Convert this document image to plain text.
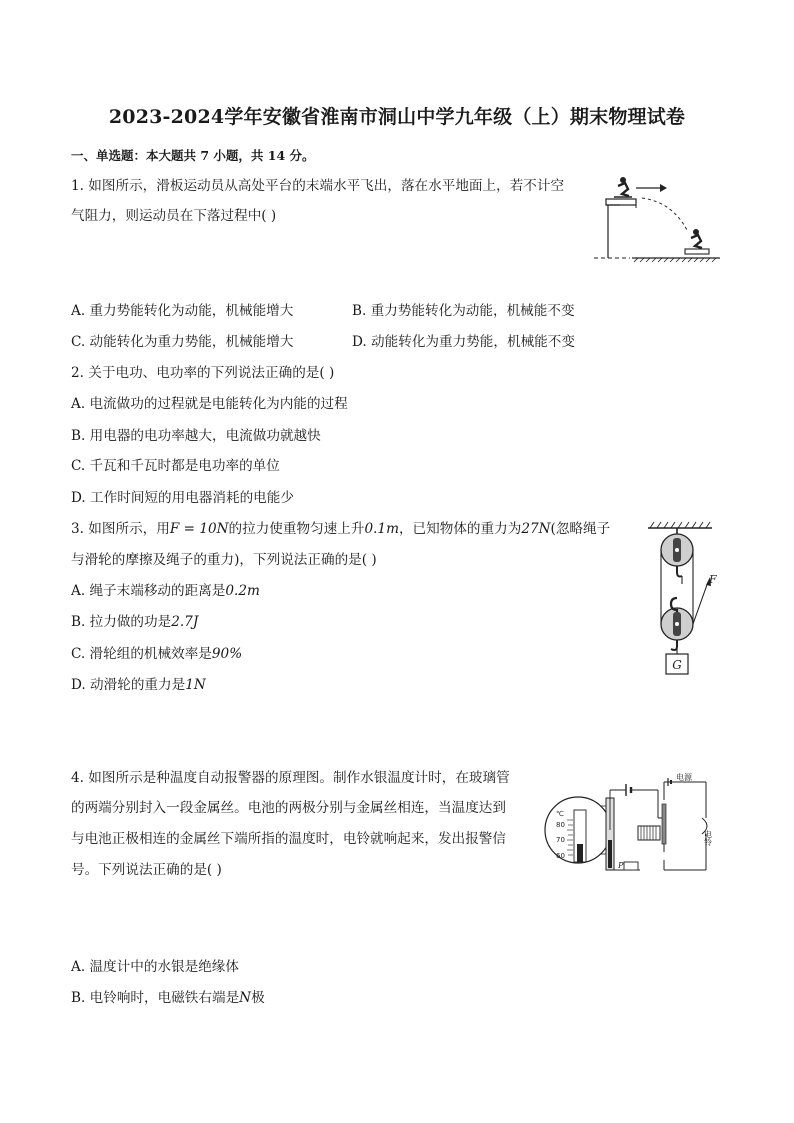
2023-2024学年安徽省淮南市洞山中学九年级（上）期末物理试卷
一、单选题：本大题共 7 小题，共 14 分。
1. 如图所示，滑板运动员从高处平台的末端水平飞出，落在水平地面上，若不计空
气阻力，则运动员在下落过程中( )
A. 重力势能转化为动能，机械能增大	B. 重力势能转化为动能，机械能不变
C. 动能转化为重力势能，机械能增大	D. 动能转化为重力势能，机械能不变
2. 关于电功、电功率的下列说法正确的是( )
A. 电流做功的过程就是电能转化为内能的过程
B. 用电器的电功率越大，电流做功就越快
C. 千瓦和千瓦时都是电功率的单位
D. 工作时间短的用电器消耗的电能少
3. 如图所示，用F = 10N的拉力使重物匀速上升0.1m，已知物体的重力为27N(忽略绳子
与滑轮的摩擦及绳子的重力)，下列说法正确的是( )
A. 绳子末端移动的距离是0.2m
B. 拉力做的功是2.7J
C. 滑轮组的机械效率是90%
D. 动滑轮的重力是1N
G
F
4. 如图所示是种温度自动报警器的原理图。制作水银温度计时，在玻璃管
的两端分别封入一段金属丝。电池的两极分别与金属丝相连，当温度达到
与电池正极相连的金属丝下端所指的温度时，电铃就响起来，发出报警信
号。下列说法正确的是( )
℃
80
70
60
P
电源
电铃
A. 温度计中的水银是绝缘体
B. 电铃响时，电磁铁右端是N极
